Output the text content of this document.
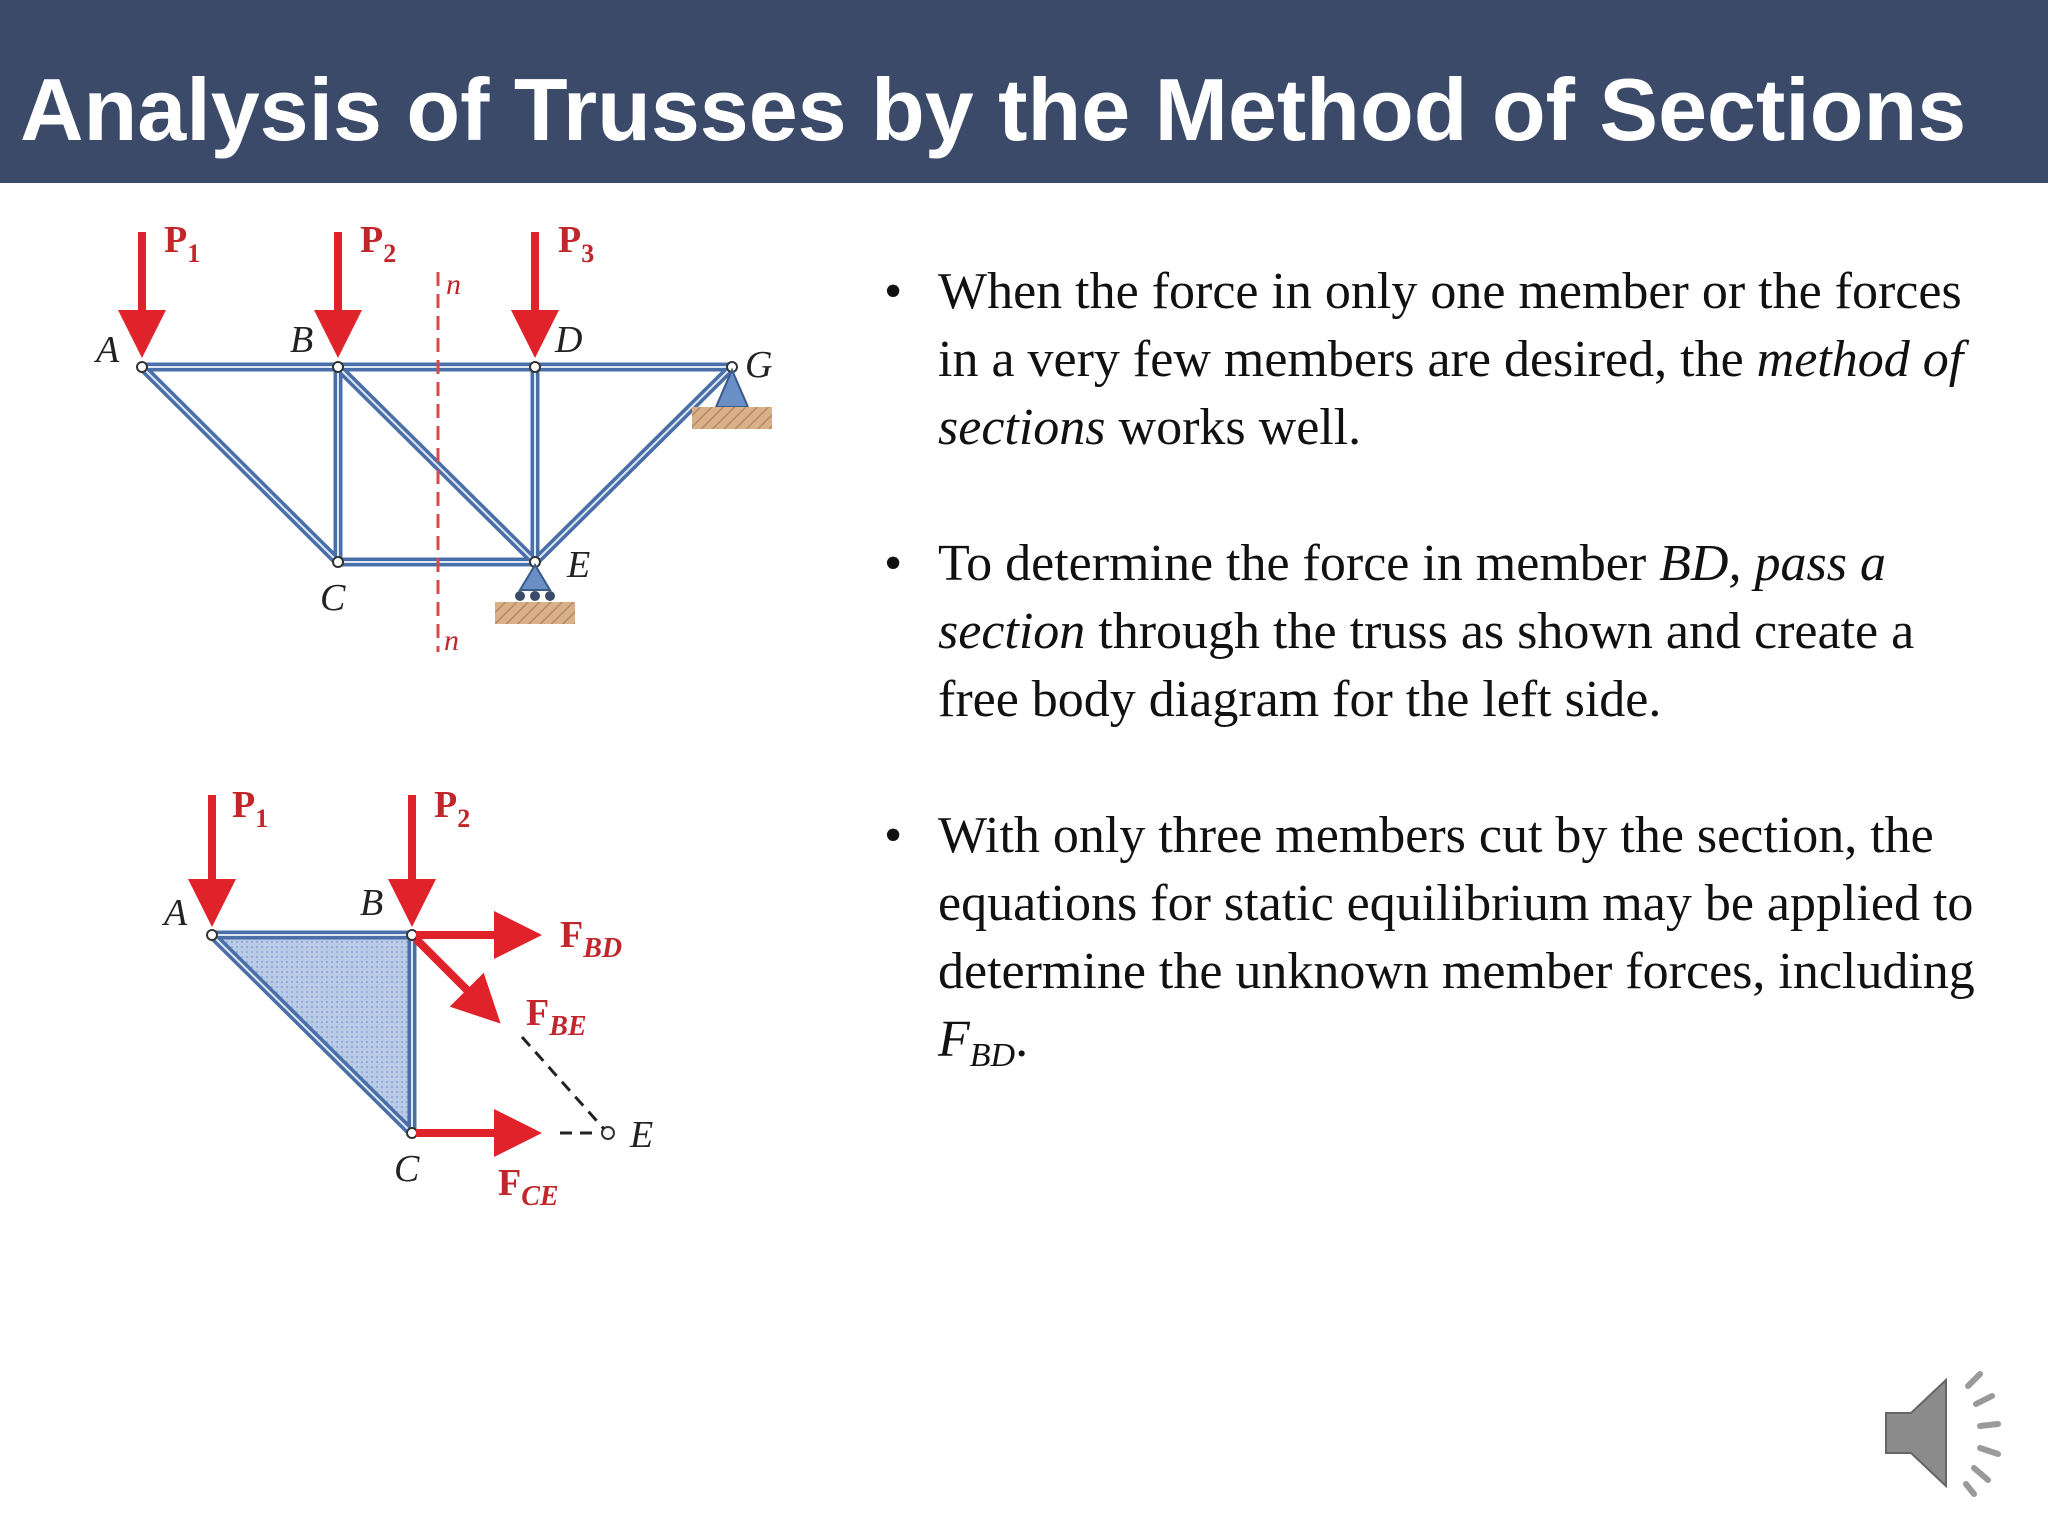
Analysis of Trusses by the Method of Sections
n
n
$P_1$	$P_2$	$P_3$
A	B	D
G
C
E
$P_1$	$P_2$
$F_{BD}$
$F_{BE}$
$F_{CE}$
A	B
C
E
• When the force in only one member or the forces in a very few members are desired, the method of sections works well.

• To determine the force in member BD, pass a section through the truss as shown and create a free body diagram for the left side.

• With only three members cut by the section, the equations for static equilibrium may be applied to determine the unknown member forces, including $F_{BD}$.
